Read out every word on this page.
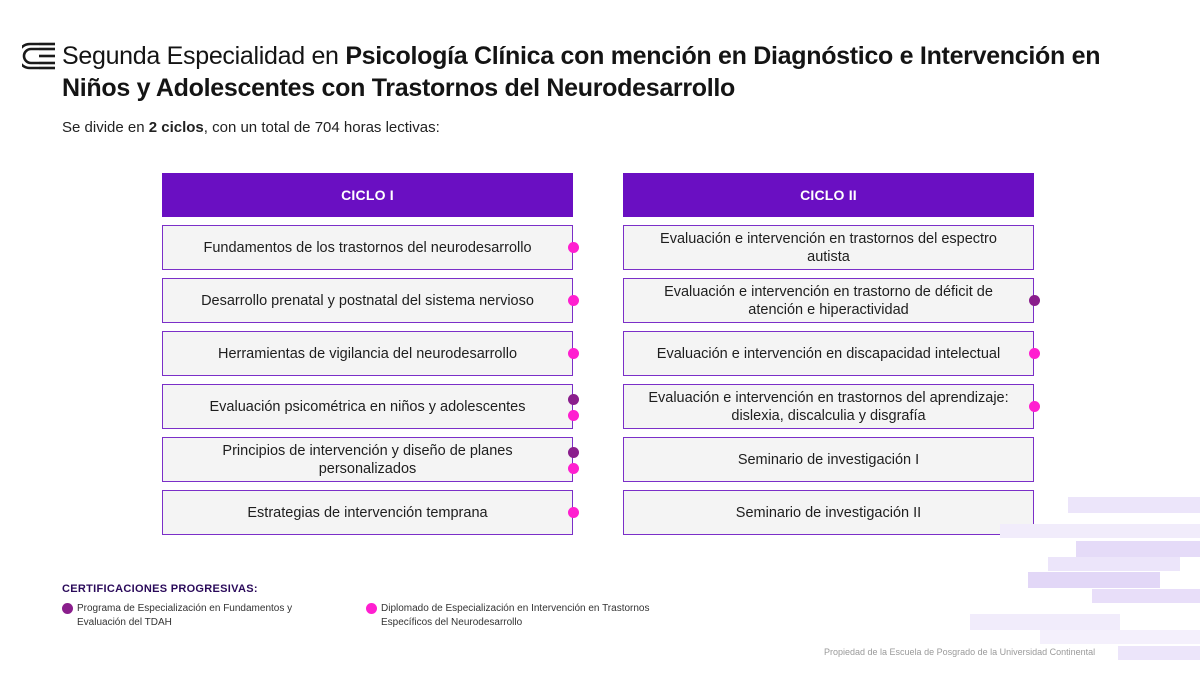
Segunda Especialidad en Psicología Clínica con mención en Diagnóstico e Intervención en Niños y Adolescentes con Trastornos del Neurodesarrollo

Se divide en 2 ciclos, con un total de 704 horas lectivas:

CICLO I
Fundamentos de los trastornos del neurodesarrollo
Desarrollo prenatal y postnatal del sistema nervioso
Herramientas de vigilancia del neurodesarrollo
Evaluación psicométrica en niños y adolescentes
Principios de intervención y diseño de planes personalizados
Estrategias de intervención temprana
CICLO II
Evaluación e intervención en trastornos del espectro autista
Evaluación e intervención en trastorno de déficit de atención e hiperactividad
Evaluación e intervención en discapacidad intelectual
Evaluación e intervención en trastornos del aprendizaje: dislexia, discalculia y disgrafía
Seminario de investigación I
Seminario de investigación II
CERTIFICACIONES PROGRESIVAS:
Programa de Especialización en Fundamentos y Evaluación del TDAH
Diplomado de Especialización en Intervención en Trastornos Específicos del Neurodesarrollo
Propiedad de la Escuela de Posgrado de la Universidad Continental
